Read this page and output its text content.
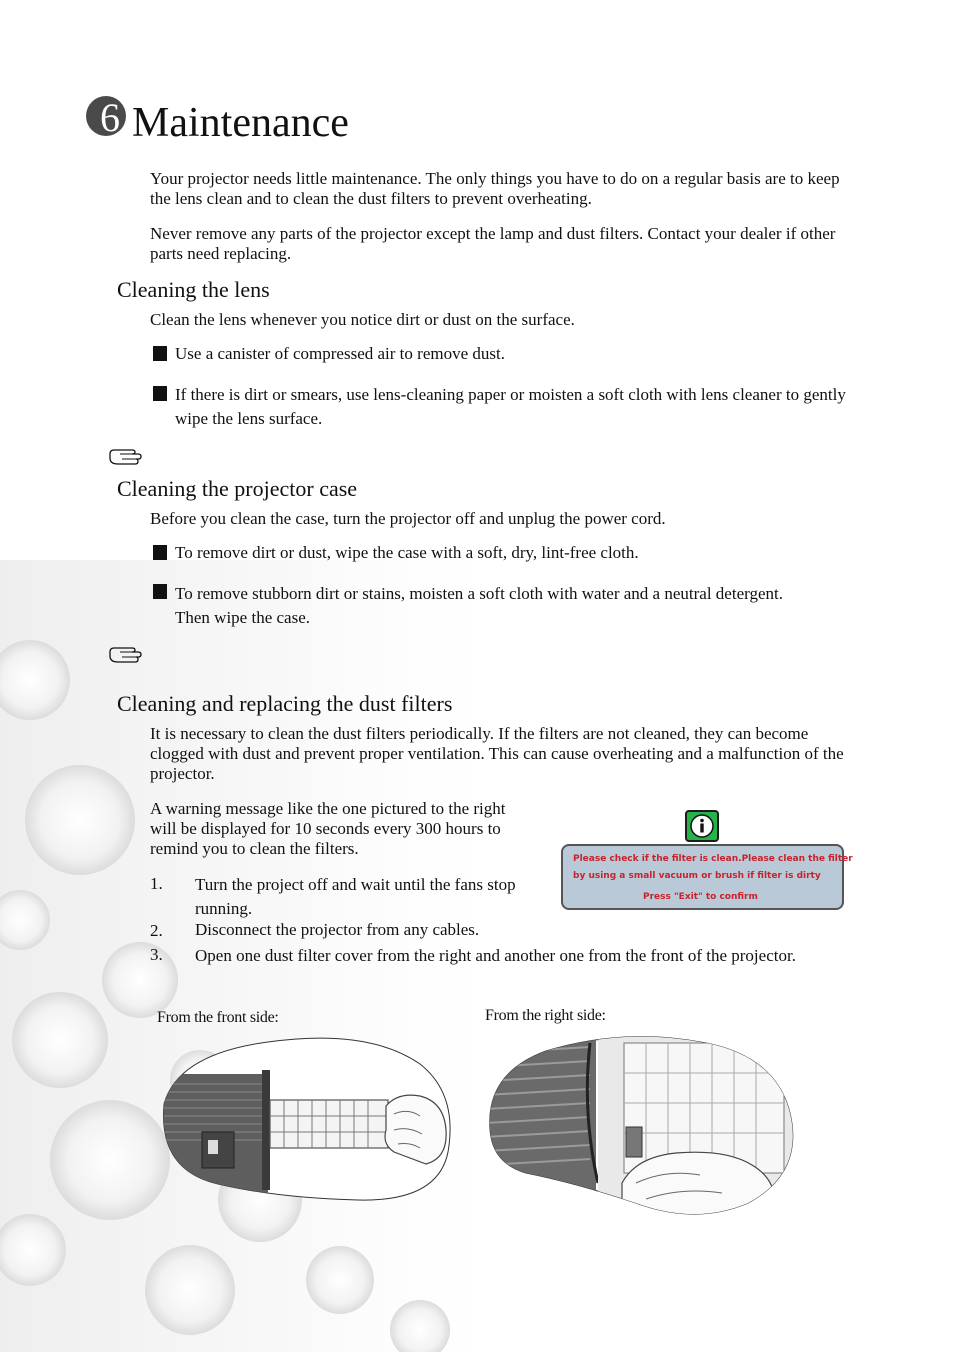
6 Maintenance

Your projector needs little maintenance. The only things you have to do on a regular basis are to keep the lens clean and to clean the dust filters to prevent overheating.

Never remove any parts of the projector except the lamp and dust filters. Contact your dealer if other parts need replacing.

Cleaning the lens

Clean the lens whenever you notice dirt or dust on the surface.

Use a canister of compressed air to remove dust.

If there is dirt or smears, use lens-cleaning paper or moisten a soft cloth with lens cleaner to gently wipe the lens surface.

Cleaning the projector case

Before you clean the case, turn the projector off and unplug the power cord.

To remove dirt or dust, wipe the case with a soft, dry, lint-free cloth.

To remove stubborn dirt or stains, moisten a soft cloth with water and a neutral detergent. Then wipe the case.

Cleaning and replacing the dust filters

It is necessary to clean the dust filters periodically. If the filters are not cleaned, they can become clogged with dust and prevent proper ventilation. This can cause overheating and a malfunction of the projector.

A warning message like the one pictured to the right will be displayed for 10 seconds every 300 hours to remind you to clean the filters.

1. Turn the project off and wait until the fans stop running.

2. Disconnect the projector from any cables.

3. Open one dust filter cover from the right and another one from the front of the projector.

Please check if the filter is clean.Please clean the filter
by using a small vacuum or brush if filter is dirty
Press "Exit" to confirm
From the front side:	From the right side:
